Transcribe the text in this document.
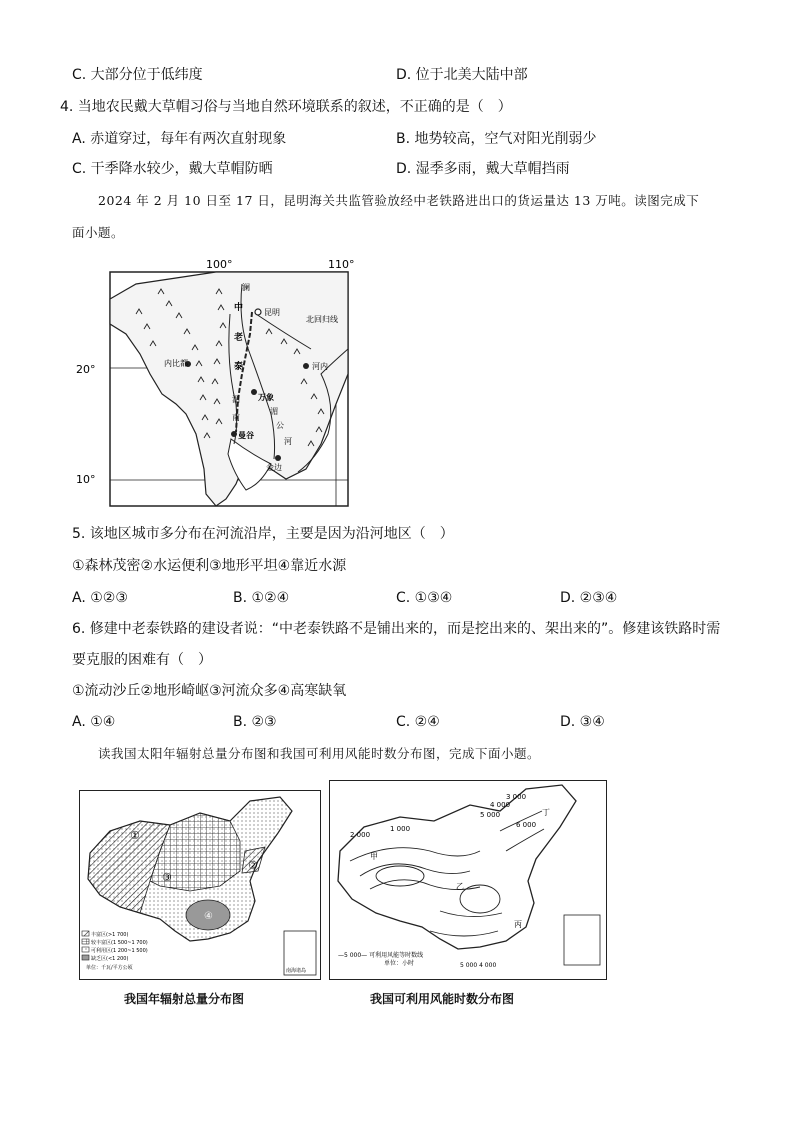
C. 大部分位于低纬度	D. 位于北美大陆中部
4. 当地农民戴大草帽习俗与当地自然环境联系的叙述，不正确的是（　）
A. 赤道穿过，每年有两次直射现象	B. 地势较高，空气对阳光削弱少
C. 干季降水较少，戴大草帽防晒	D. 湿季多雨，戴大草帽挡雨
2024 年 2 月 10 日至 17 日，昆明海关共监管验放经中老铁路进出口的货运量达 13 万吨。读图完成下
面小题。
100°	110°
20°
10°
北回归线
昆明
中
老
泰	河内
内比都
万象
曼谷
金边
湄
公
河
澜
湄
南
5. 该地区城市多分布在河流沿岸，主要是因为沿河地区（　）
①森林茂密②水运便利③地形平坦④靠近水源
A. ①②③	B. ①②④	C. ①③④	D. ②③④
6. 修建中老泰铁路的建设者说：“中老泰铁路不是铺出来的，而是挖出来的、架出来的”。修建该铁路时需
要克服的困难有（　）
①流动沙丘②地形崎岖③河流众多④高寒缺氧
A. ①④	B. ②③	C. ②④	D. ③④
读我国太阳年辐射总量分布图和我国可利用风能时数分布图，完成下面小题。
①
②
③
④
丰富区(>1 700)
较丰富区(1 500~1 700)
可利用区(1 200~1 500)
缺乏区(<1 200)
单位：千瓦/平方公顷	南海诸岛
我国年辐射总量分布图
3 000
4 000
5 000
6 000
2 000
1 000
甲
乙
丙
丁
—5 000— 可利用风能等时数线
单位：小时	5 000 4 000
我国可利用风能时数分布图
